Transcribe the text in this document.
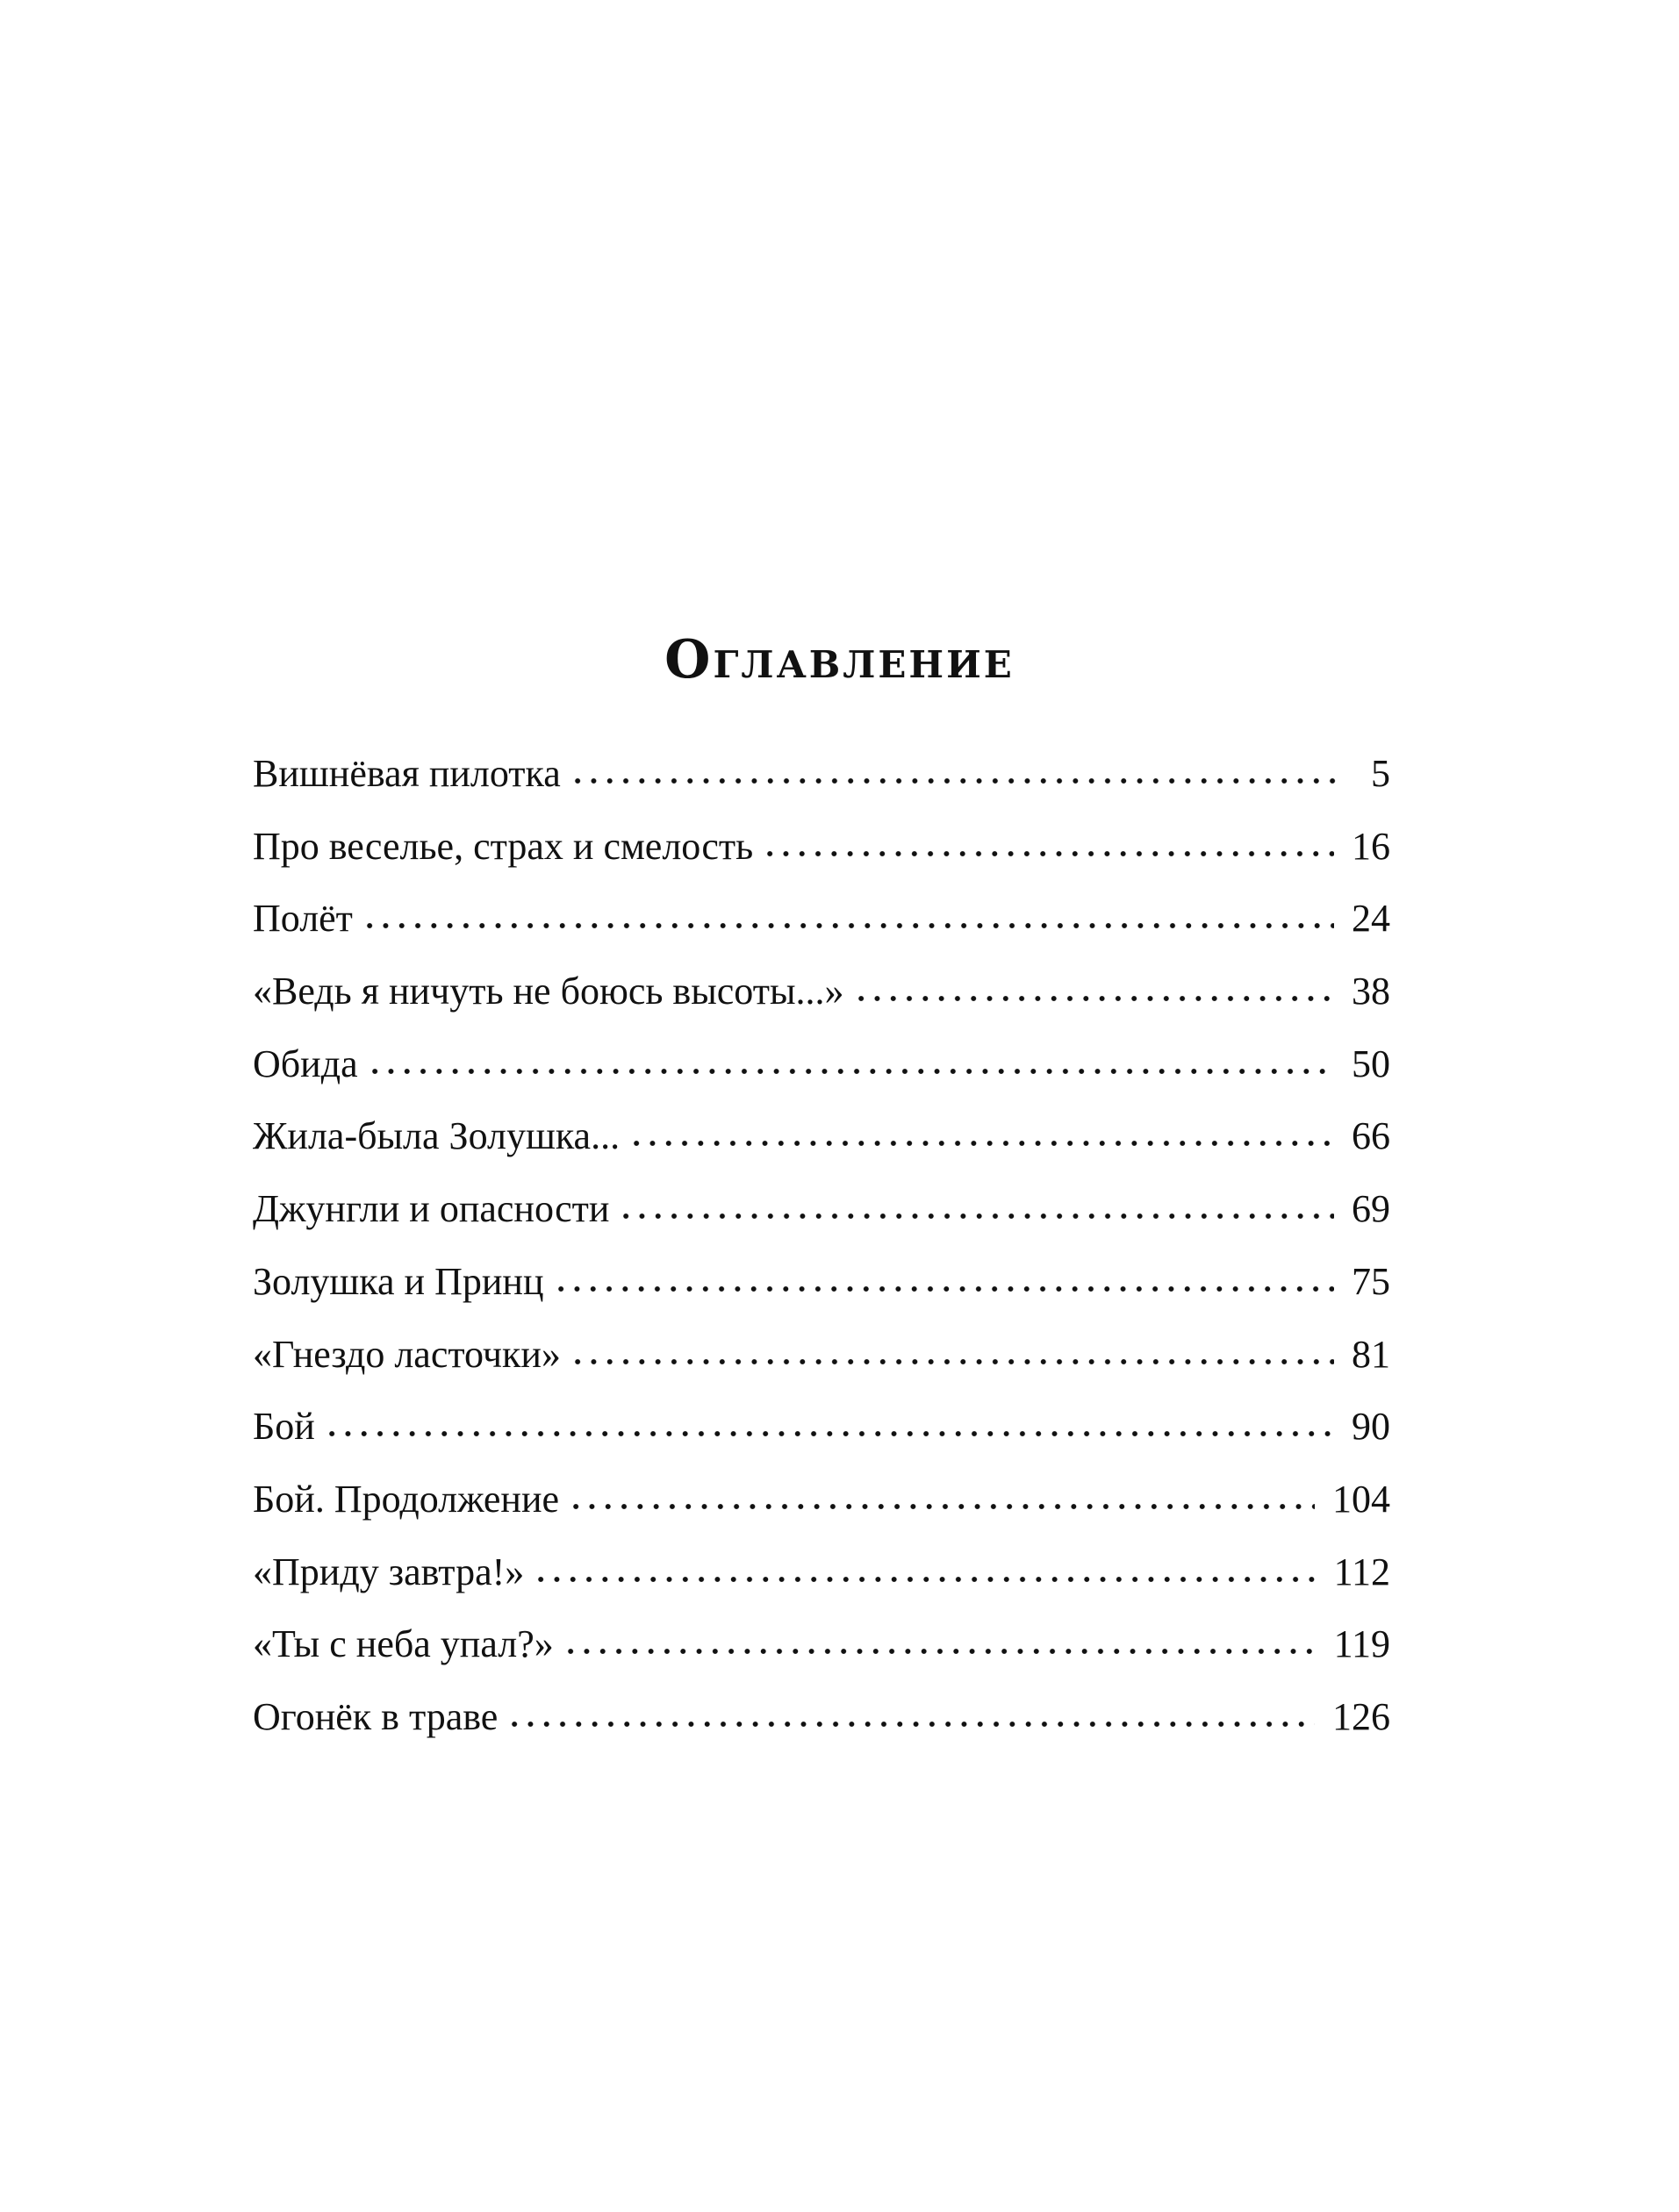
Оглавление
Вишнёвая пилотка	5
Про веселье, страх и смелость	16
Полёт	24
«Ведь я ничуть не боюсь высоты...»	38
Обида	50
Жила-была Золушка...	66
Джунгли и опасности	69
Золушка и Принц	75
«Гнездо ласточки»	81
Бой	90
Бой. Продолжение	104
«Приду завтра!»	112
«Ты с неба упал?»	119
Огонёк в траве	126
